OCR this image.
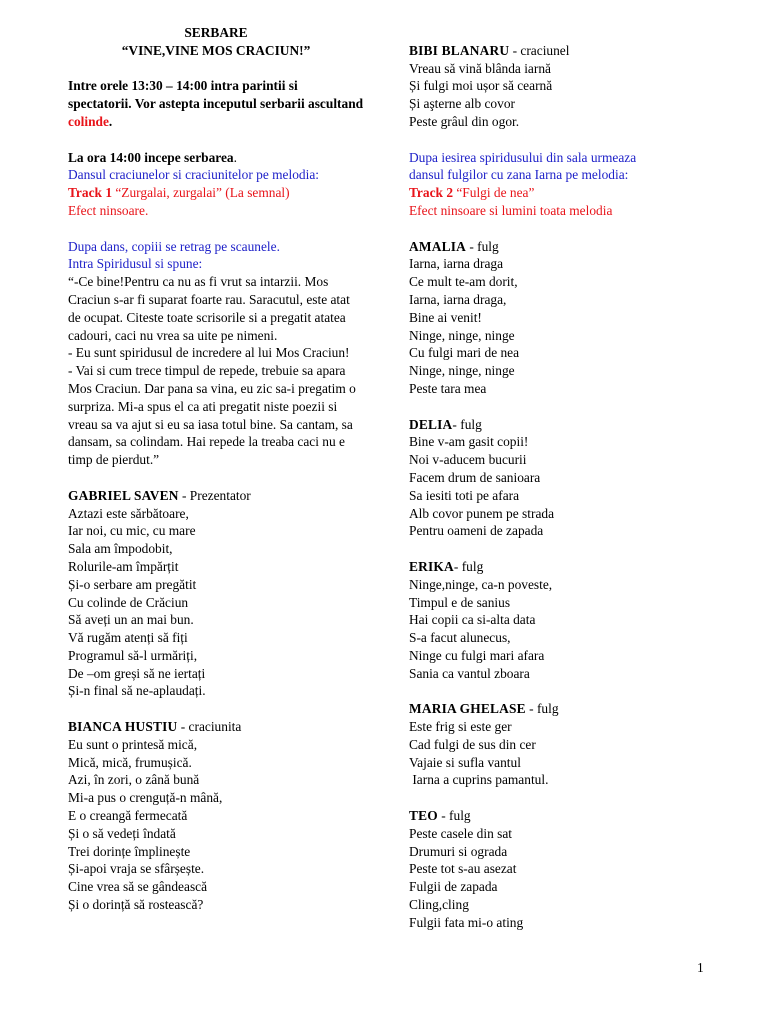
SERBARE
“VINE,VINE MOS CRACIUN!”
Intre orele 13:30 – 14:00 intra parintii si spectatorii. Vor astepta inceputul serbarii ascultand colinde.
La ora 14:00 incepe serbarea.
Dansul craciunelor si craciunitelor pe melodia:
Track 1 “Zurgalai, zurgalai” (La semnal)
Efect ninsoare.
Dupa dans, copiii se retrag pe scaunele.
Intra Spiridusul si spune:
“-Ce bine!Pentru ca nu as fi vrut sa intarzii. Mos Craciun s-ar fi suparat foarte rau. Saracutul, este atat de ocupat. Citeste toate scrisorile si a pregatit atatea cadouri, caci nu vrea sa uite pe nimeni.
- Eu sunt spiridusul de incredere al lui Mos Craciun!
- Vai si cum trece timpul de repede, trebuie sa apara Mos Craciun. Dar pana sa vina, eu zic sa-i pregatim o surpriza. Mi-a spus el ca ati pregatit niste poezii si vreau sa va ajut si eu sa iasa totul bine. Sa cantam, sa dansam, sa colindam. Hai repede la treaba caci nu e timp de pierdut.”
GABRIEL SAVEN - Prezentator
Aztazi este sărbătoare,
Iar noi, cu mic, cu mare
Sala am împodobit,
Rolurile-am împărțit
Și-o serbare am pregătit
Cu colinde de Crăciun
Să aveți un an mai bun.
Vă rugăm atenți să fiți
Programul să-l urmăriți,
De –om greși să ne iertați
Și-n final să ne-aplaudați.
BIANCA HUSTIU - craciunita
Eu sunt o printesă mică,
Mică, mică, frumușică.
Azi, în zori, o zână bună
Mi-a pus o crenguță-n mână,
E o creangă fermecată
Și o să vedeți îndată
Trei dorințe împlinește
Și-apoi vraja se sfârșește.
Cine vrea să se gândească
Și o dorință să rostească?
BIBI BLANARU - craciunel
Vreau să vină blânda iarnă
Și fulgi moi ușor să cearnă
Și aşterne alb covor
Peste grâul din ogor.
Dupa iesirea spiridusului din sala urmeaza
dansul fulgilor cu zana Iarna pe melodia:
Track 2 “Fulgi de nea”
Efect ninsoare si lumini toata melodia
AMALIA - fulg
Iarna, iarna draga
Ce mult te-am dorit,
Iarna, iarna draga,
Bine ai venit!
Ninge, ninge, ninge
Cu fulgi mari de nea
Ninge, ninge, ninge
Peste tara mea
DELIA- fulg
Bine v-am gasit copii!
Noi v-aducem bucurii
Facem drum de sanioara
Sa iesiti toti pe afara
Alb covor punem pe strada
Pentru oameni de zapada
ERIKA- fulg
Ninge,ninge, ca-n poveste,
Timpul e de sanius
Hai copii ca si-alta data
S-a facut alunecus,
Ninge cu fulgi mari afara
Sania ca vantul zboara
MARIA GHELASE - fulg
Este frig si este ger
Cad fulgi de sus din cer
Vajaie si sufla vantul
Iarna a cuprins pamantul.
TEO - fulg
Peste casele din sat
Drumuri si ograda
Peste tot s-au asezat
Fulgii de zapada
Cling,cling
Fulgii fata mi-o ating
1
